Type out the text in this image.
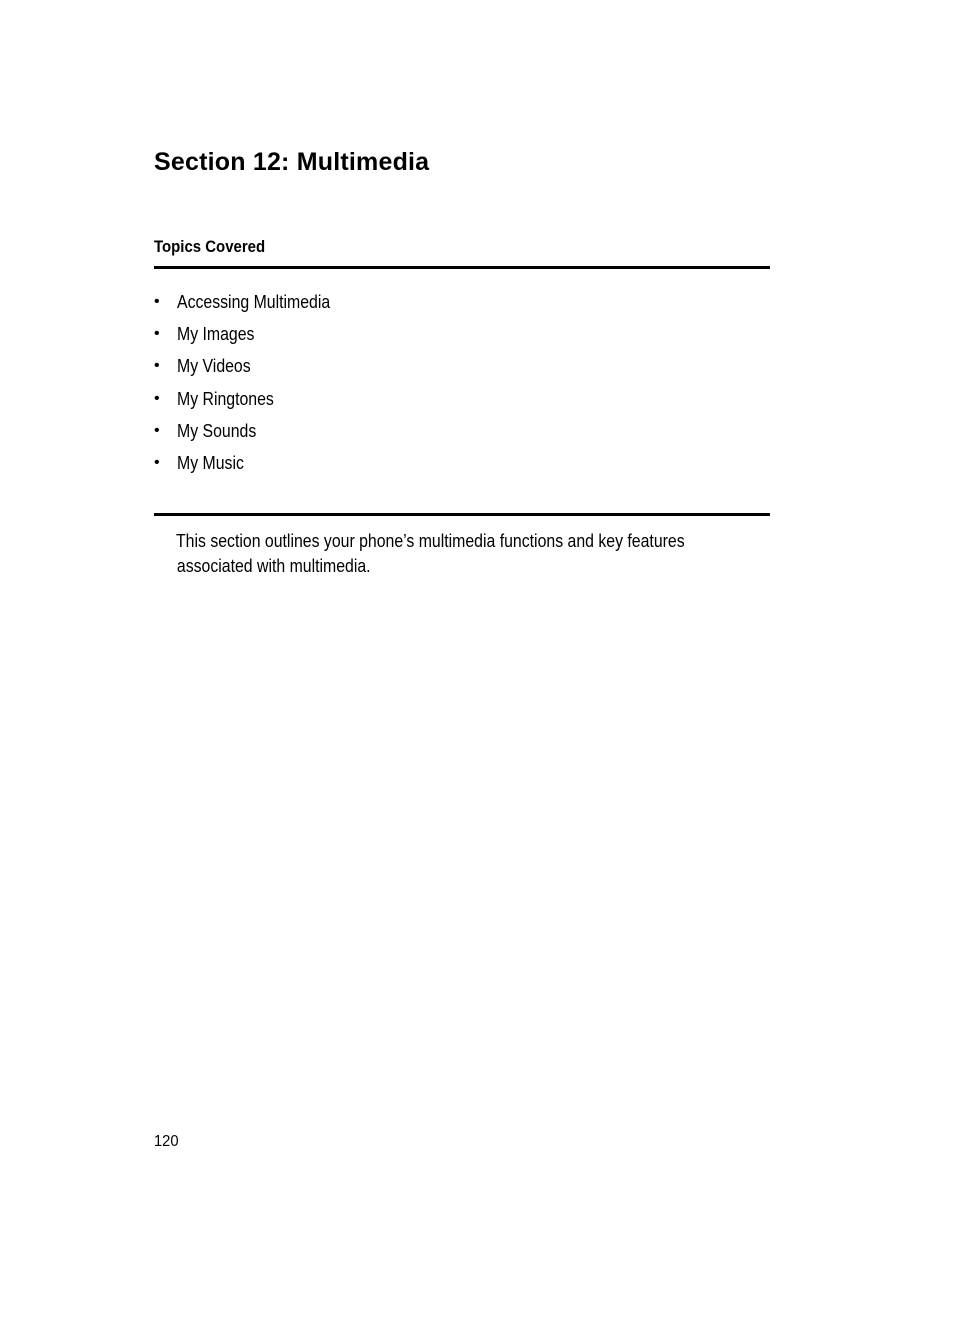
Section 12: Multimedia
Topics Covered
• Accessing Multimedia
• My Images
• My Videos
• My Ringtones
• My Sounds
• My Music

This section outlines your phone’s multimedia functions and key features
associated with multimedia.

120
